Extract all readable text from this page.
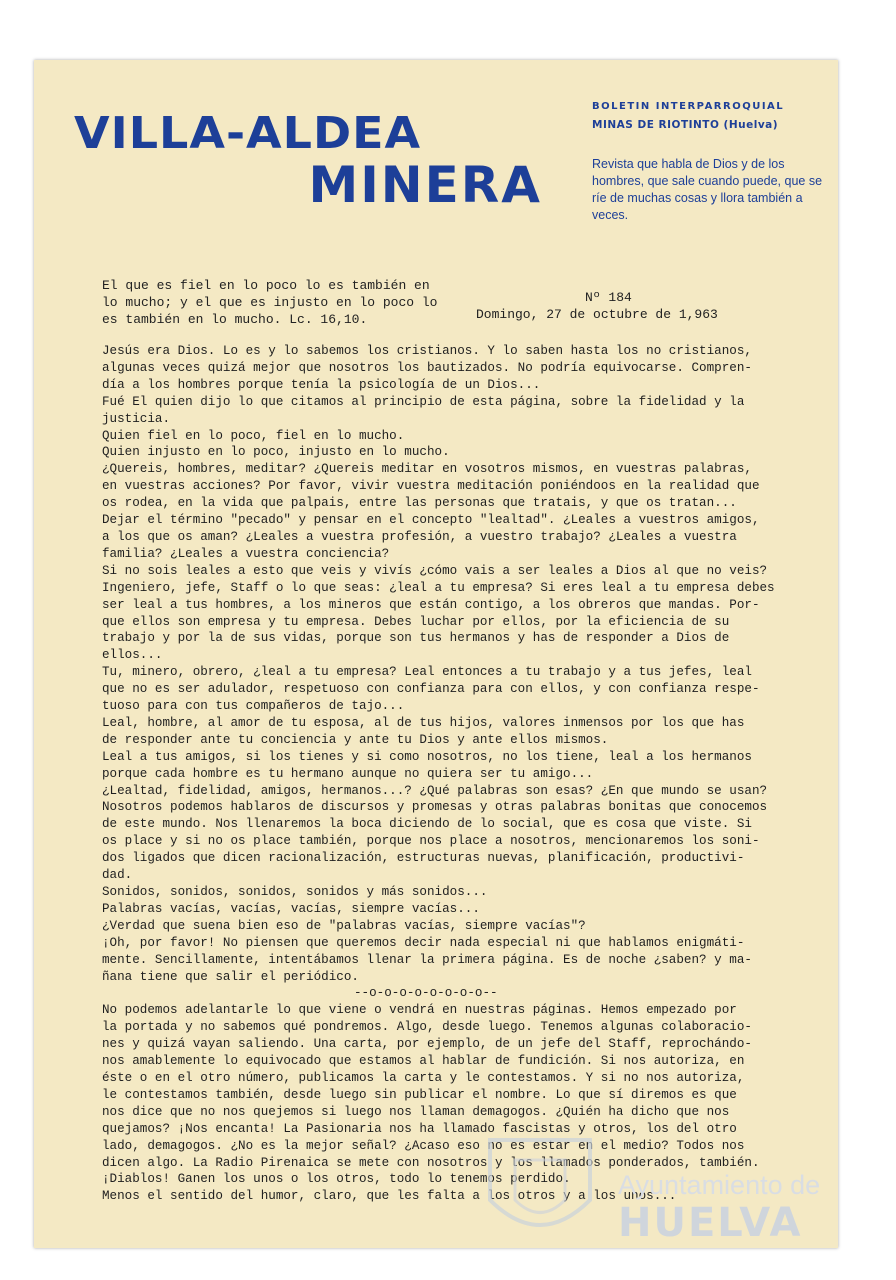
VILLA-ALDEA
MINERA
BOLETIN INTERPARROQUIAL
MINAS DE RIOTINTO (Huelva)
Revista que habla de Dios y de los hombres, que sale cuando puede, que se ríe de muchas cosas y llora también a veces.
El que es fiel en lo poco lo es también en
lo mucho; y el que es injusto en lo poco lo
es también en lo mucho. Lc. 16,10.
Nº 184
Domingo, 27 de octubre de 1,963

Jesús era Dios. Lo es y lo sabemos los cristianos. Y lo saben hasta los no cristianos,

algunas veces quizá mejor que nosotros los bautizados. No podría equivocarse. Compren-

día a los hombres porque tenía la psicología de un Dios...

Fué El quien dijo lo que citamos al principio de esta página, sobre la fidelidad y la

justicia.

Quien fiel en lo poco, fiel en lo mucho.

Quien injusto en lo poco, injusto en lo mucho.

¿Quereis, hombres, meditar? ¿Quereis meditar en vosotros mismos, en vuestras palabras,

en vuestras acciones? Por favor, vivir vuestra meditación poniéndoos en la realidad que

os rodea, en la vida que palpais, entre las personas que tratais, y que os tratan...

Dejar el término "pecado" y pensar en el concepto "lealtad". ¿Leales a vuestros amigos,

a los que os aman? ¿Leales a vuestra profesión, a vuestro trabajo? ¿Leales a vuestra

familia? ¿Leales a vuestra conciencia?

Si no sois leales a esto que veis y vivís ¿cómo vais a ser leales a Dios al que no veis?

Ingeniero, jefe, Staff o lo que seas: ¿leal a tu empresa? Si eres leal a tu empresa debes

ser leal a tus hombres, a los mineros que están contigo, a los obreros que mandas. Por-

que ellos son empresa y tu empresa. Debes luchar por ellos, por la eficiencia de su

trabajo y por la de sus vidas, porque son tus hermanos y has de responder a Dios de

ellos...

Tu, minero, obrero, ¿leal a tu empresa? Leal entonces a tu trabajo y a tus jefes, leal

que no es ser adulador, respetuoso con confianza para con ellos, y con confianza respe-

tuoso para con tus compañeros de tajo...

Leal, hombre, al amor de tu esposa, al de tus hijos, valores inmensos por los que has

de responder ante tu conciencia y ante tu Dios y ante ellos mismos.

Leal a tus amigos, si los tienes y si como nosotros, no los tiene, leal a los hermanos

porque cada hombre es tu hermano aunque no quiera ser tu amigo...

¿Lealtad, fidelidad, amigos, hermanos...? ¿Qué palabras son esas? ¿En que mundo se usan?

Nosotros podemos hablaros de discursos y promesas y otras palabras bonitas que conocemos

de este mundo. Nos llenaremos la boca diciendo de lo social, que es cosa que viste. Si

os place y si no os place también, porque nos place a nosotros, mencionaremos los soni-

dos ligados que dicen racionalización, estructuras nuevas, planificación, productivi-

dad.

Sonidos, sonidos, sonidos, sonidos y más sonidos...

Palabras vacías, vacías, vacías, siempre vacías...

¿Verdad que suena bien eso de "palabras vacías, siempre vacías"?

¡Oh, por favor! No piensen que queremos decir nada especial ni que hablamos enigmáti-

mente. Sencillamente, intentábamos llenar la primera página. Es de noche ¿saben? y ma-

ñana tiene que salir el periódico.

--o-o-o-o-o-o-o-o--

No podemos adelantarle lo que viene o vendrá en nuestras páginas. Hemos empezado por

la portada y no sabemos qué pondremos. Algo, desde luego. Tenemos algunas colaboracio-

nes y quizá vayan saliendo. Una carta, por ejemplo, de un jefe del Staff, reprochándo-

nos amablemente lo equivocado que estamos al hablar de fundición. Si nos autoriza, en

éste o en el otro número, publicamos la carta y le contestamos. Y si no nos autoriza,

le contestamos también, desde luego sin publicar el nombre. Lo que sí diremos es que

nos dice que no nos quejemos si luego nos llaman demagogos. ¿Quién ha dicho que nos

quejamos? ¡Nos encanta! La Pasionaria nos ha llamado fascistas y otros, los del otro

lado, demagogos. ¿No es la mejor señal? ¿Acaso eso no es estar en el medio? Todos nos

dicen algo. La Radio Pirenaica se mete con nosotros y los llamados ponderados, también.

¡Diablos! Ganen los unos o los otros, todo lo tenemos perdido.

Menos el sentido del humor, claro, que les falta a los otros y a los unos...

Ayuntamiento de
HUELVA
